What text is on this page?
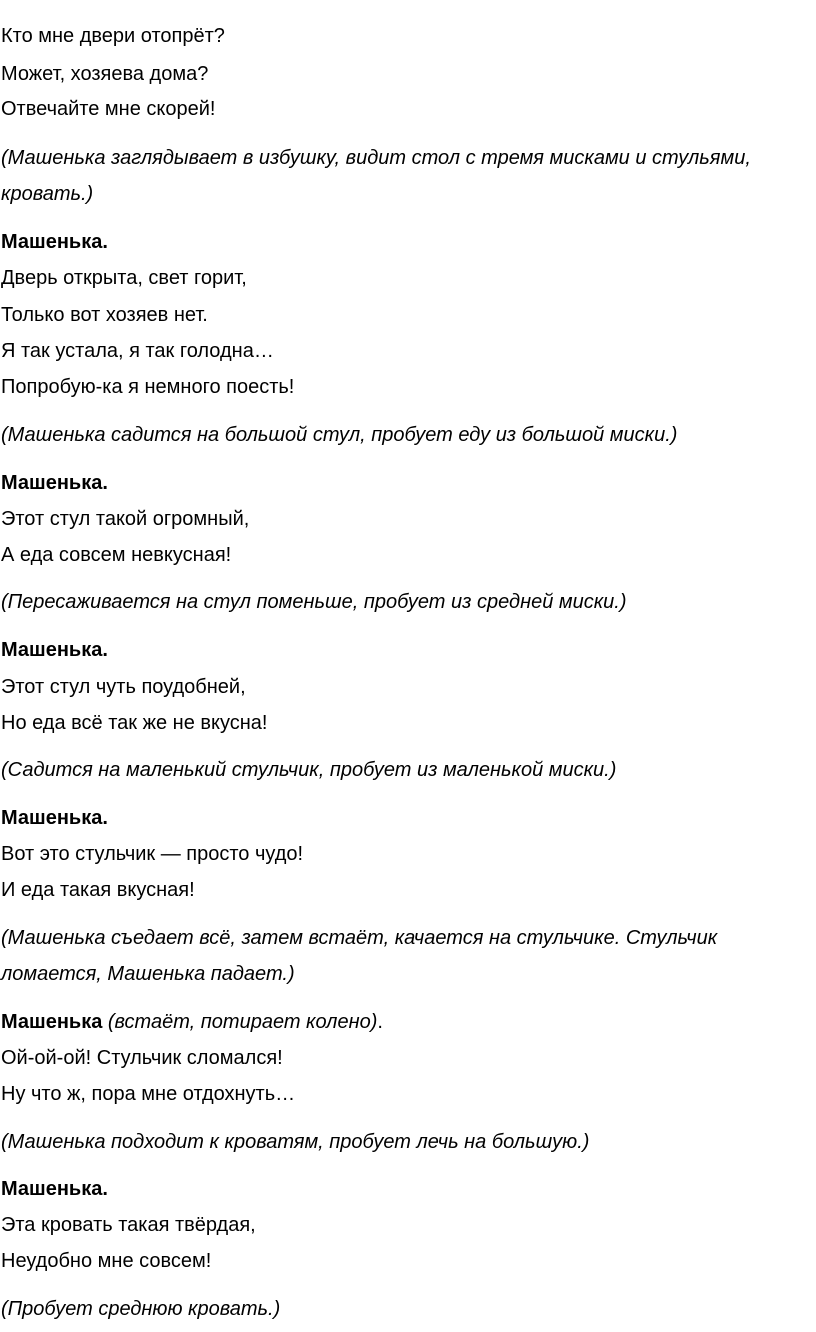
Кто мне двери отопрёт?
Может, хозяева дома?
Отвечайте мне скорей!
(Машенька заглядывает в избушку, видит стол с тремя мисками и стульями,
кровать.)
Машенька.
Дверь открыта, свет горит,
Только вот хозяев нет.
Я так устала, я так голодна…
Попробую-ка я немного поесть!
(Машенька садится на большой стул, пробует еду из большой миски.)
Машенька.
Этот стул такой огромный,
А еда совсем невкусная!
(Пересаживается на стул поменьше, пробует из средней миски.)
Машенька.
Этот стул чуть поудобней,
Но еда всё так же не вкусна!
(Садится на маленький стульчик, пробует из маленькой миски.)
Машенька.
Вот это стульчик — просто чудо!
И еда такая вкусная!
(Машенька съедает всё, затем встаёт, качается на стульчике. Стульчик
ломается, Машенька падает.)
Машенька (встаёт, потирает колено).
Ой-ой-ой! Стульчик сломался!
Ну что ж, пора мне отдохнуть…
(Машенька подходит к кроватям, пробует лечь на большую.)
Машенька.
Эта кровать такая твёрдая,
Неудобно мне совсем!
(Пробует среднюю кровать.)
